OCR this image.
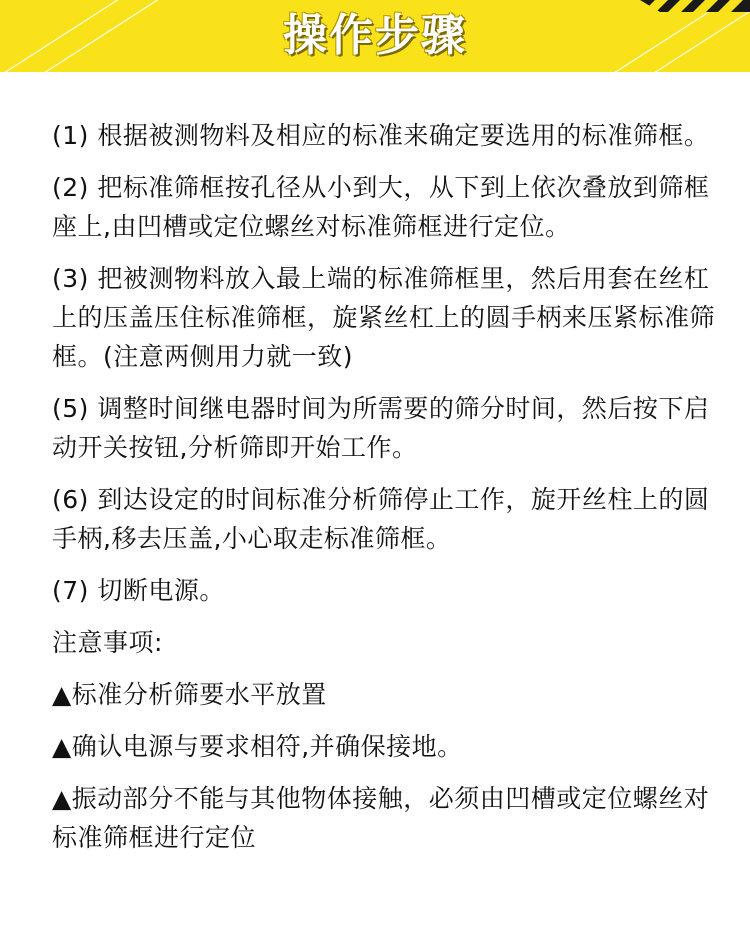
操作步骤

(1) 根据被测物料及相应的标准来确定要选用的标准筛框。

(2) 把标准筛框按孔径从小到大，从下到上依次叠放到筛框座上,由凹槽或定位螺丝对标准筛框进行定位。

(3) 把被测物料放入最上端的标准筛框里，然后用套在丝杠上的压盖压住标准筛框，旋紧丝杠上的圆手柄来压紧标准筛框。(注意两侧用力就一致)

(5) 调整时间继电器时间为所需要的筛分时间，然后按下启动开关按钮,分析筛即开始工作。

(6) 到达设定的时间标准分析筛停止工作，旋开丝柱上的圆手柄,移去压盖,小心取走标准筛框。

(7) 切断电源。

注意事项:

▲标准分析筛要水平放置

▲确认电源与要求相符,并确保接地。

▲振动部分不能与其他物体接触，必须由凹槽或定位螺丝对标准筛框进行定位
